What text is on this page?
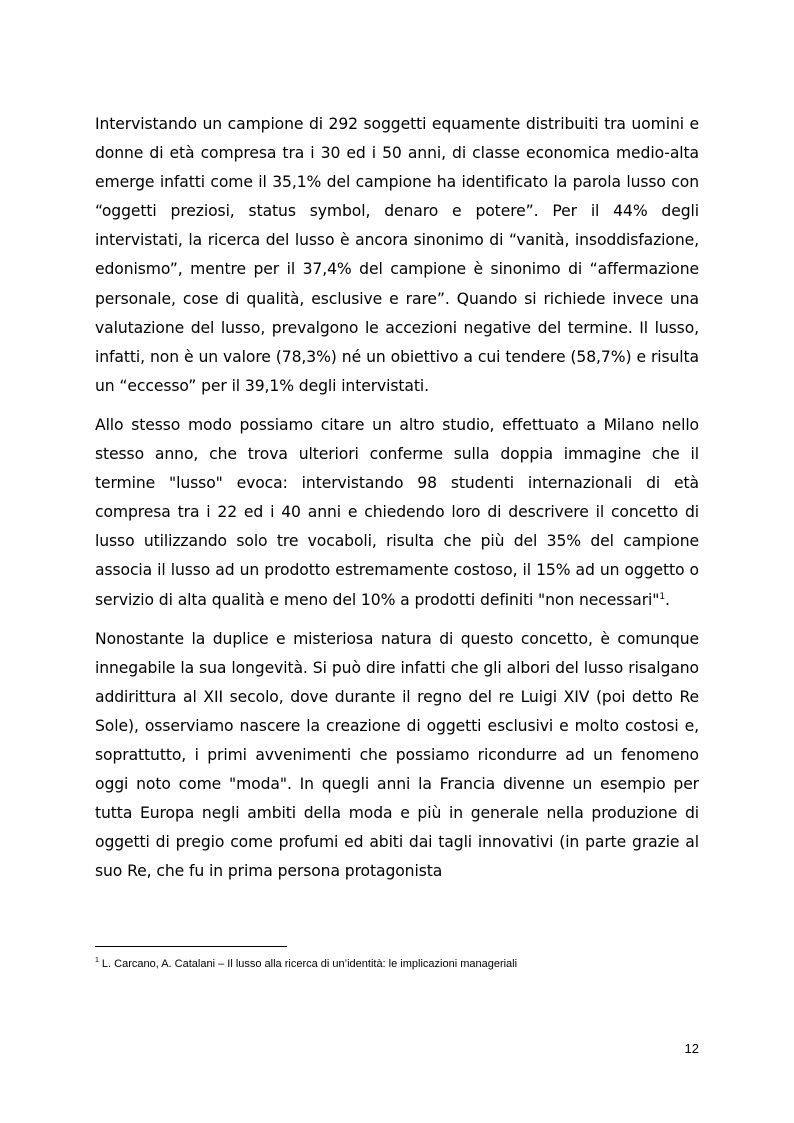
Intervistando un campione di 292 soggetti equamente distribuiti tra uomini e donne di età compresa tra i 30 ed i 50 anni, di classe economica medio-alta emerge infatti come il 35,1% del campione ha identificato la parola lusso con “oggetti preziosi, status symbol, denaro e potere”. Per il 44% degli intervistati, la ricerca del lusso è ancora sinonimo di “vanità, insoddisfazione, edonismo”, mentre per il 37,4% del campione è sinonimo di “affermazione personale, cose di qualità, esclusive e rare”. Quando si richiede invece una valutazione del lusso, prevalgono le accezioni negative del termine. Il lusso, infatti, non è un valore (78,3%) né un obiettivo a cui tendere (58,7%) e risulta un “eccesso” per il 39,1% degli intervistati.

Allo stesso modo possiamo citare un altro studio, effettuato a Milano nello stesso anno, che trova ulteriori conferme sulla doppia immagine che il termine "lusso" evoca: intervistando 98 studenti internazionali di età compresa tra i 22 ed i 40 anni e chiedendo loro di descrivere il concetto di lusso utilizzando solo tre vocaboli, risulta che più del 35% del campione associa il lusso ad un prodotto estremamente costoso, il 15% ad un oggetto o servizio di alta qualità e meno del 10% a prodotti definiti "non necessari"$^1$.

Nonostante la duplice e misteriosa natura di questo concetto, è comunque innegabile la sua longevità. Si può dire infatti che gli albori del lusso risalgano addirittura al XII secolo, dove durante il regno del re Luigi XIV (poi detto Re Sole), osserviamo nascere la creazione di oggetti esclusivi e molto costosi e, soprattutto, i primi avvenimenti che possiamo ricondurre ad un fenomeno oggi noto come "moda". In quegli anni la Francia divenne un esempio per tutta Europa negli ambiti della moda e più in generale nella produzione di oggetti di pregio come profumi ed abiti dai tagli innovativi (in parte grazie al suo Re, che fu in prima persona protagonista

$^1$ L. Carcano, A. Catalani – Il lusso alla ricerca di un’identità: le implicazioni manageriali
12
